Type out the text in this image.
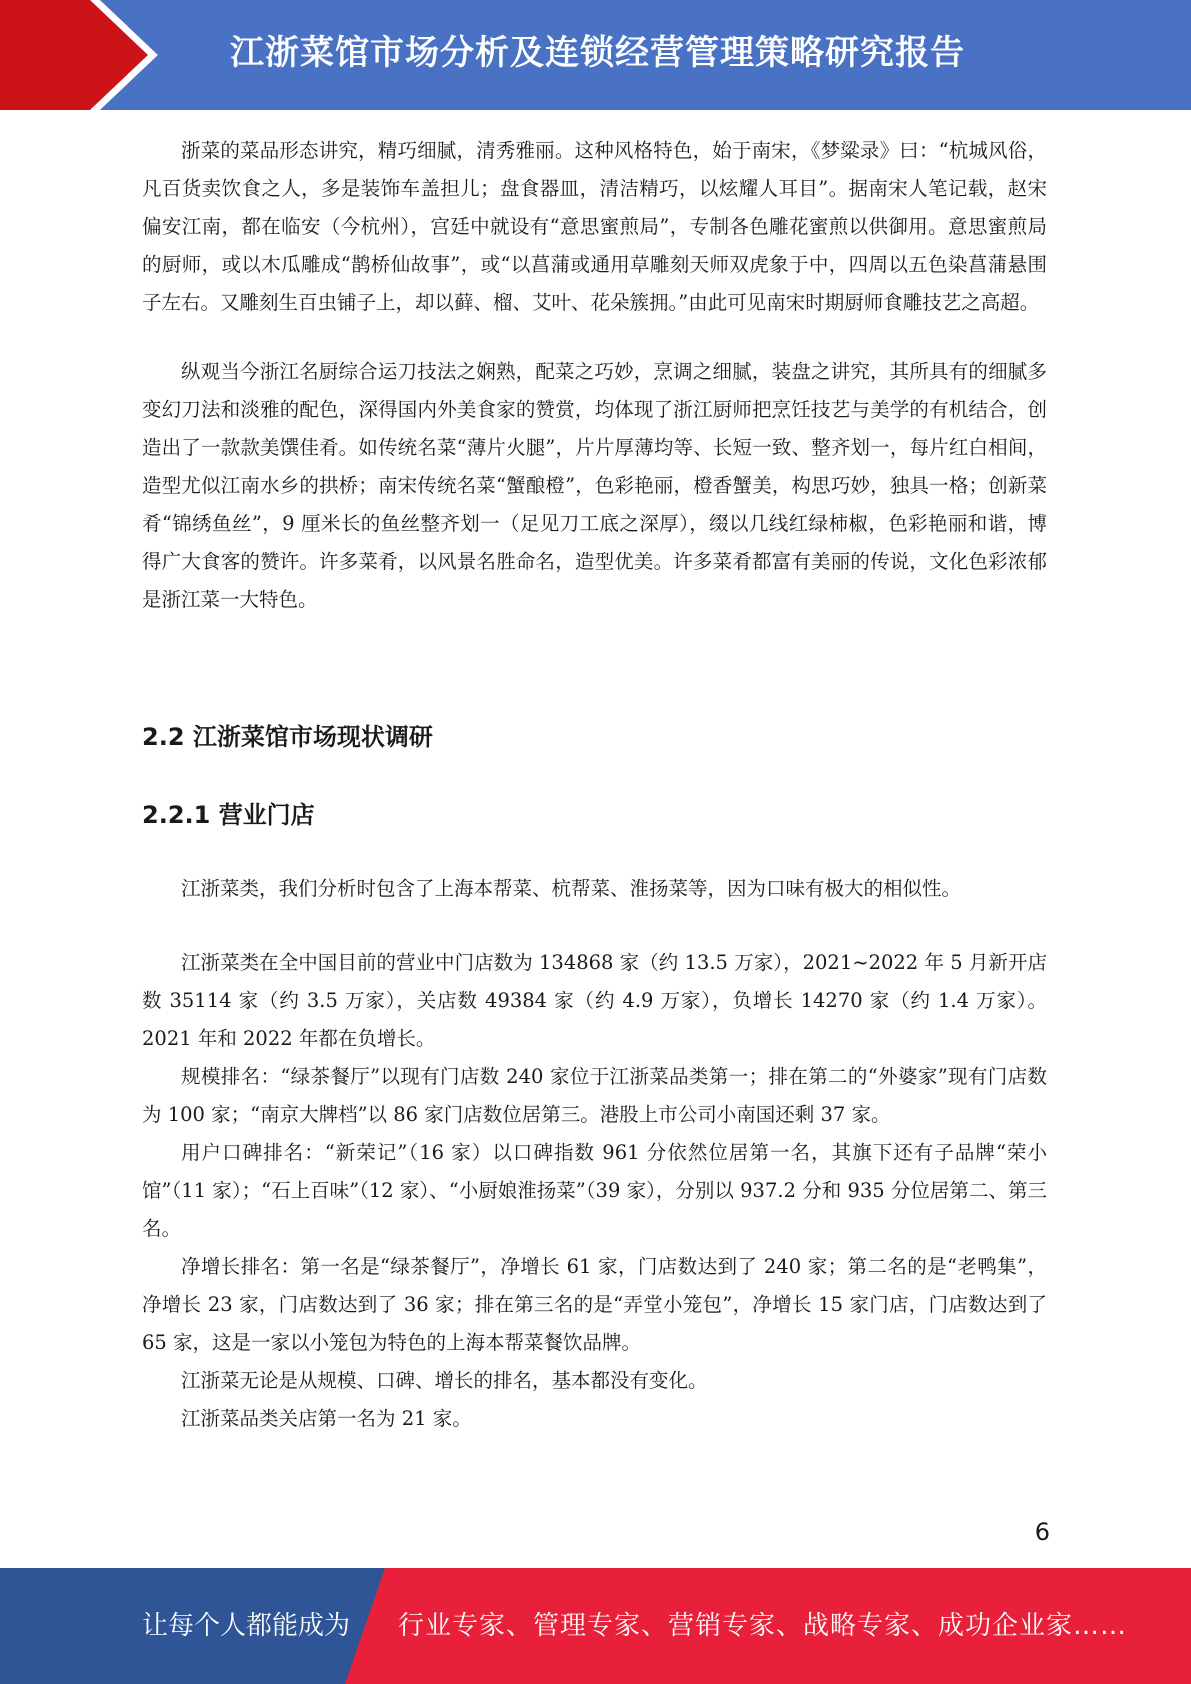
江浙菜馆市场分析及连锁经营管理策略研究报告

浙菜的菜品形态讲究，精巧细腻，清秀雅丽。这种风格特色，始于南宋，《梦粱录》曰：“杭城风俗，凡百货卖饮食之人，多是装饰车盖担儿；盘食器皿，清洁精巧，以炫耀人耳目”。据南宋人笔记载，赵宋偏安江南，都在临安（今杭州），宫廷中就设有“意思蜜煎局”，专制各色雕花蜜煎以供御用。意思蜜煎局的厨师，或以木瓜雕成“鹊桥仙故事”，或“以菖蒲或通用草雕刻天师双虎象于中，四周以五色染菖蒲悬围子左右。又雕刻生百虫铺子上，却以藓、榴、艾叶、花朵簇拥。”由此可见南宋时期厨师食雕技艺之高超。

纵观当今浙江名厨综合运刀技法之娴熟，配菜之巧妙，烹调之细腻，装盘之讲究，其所具有的细腻多变幻刀法和淡雅的配色，深得国内外美食家的赞赏，均体现了浙江厨师把烹饪技艺与美学的有机结合，创造出了一款款美馔佳肴。如传统名菜“薄片火腿”，片片厚薄均等、长短一致、整齐划一，每片红白相间，造型尤似江南水乡的拱桥；南宋传统名菜“蟹酿橙”，色彩艳丽，橙香蟹美，构思巧妙，独具一格；创新菜肴“锦绣鱼丝”，9 厘米长的鱼丝整齐划一（足见刀工底之深厚），缀以几线红绿柿椒，色彩艳丽和谐，博得广大食客的赞许。许多菜肴，以风景名胜命名，造型优美。许多菜肴都富有美丽的传说，文化色彩浓郁是浙江菜一大特色。

2.2 江浙菜馆市场现状调研
2.2.1 营业门店

江浙菜类，我们分析时包含了上海本帮菜、杭帮菜、淮扬菜等，因为口味有极大的相似性。

江浙菜类在全中国目前的营业中门店数为 134868 家（约 13.5 万家），2021~2022 年 5 月新开店数 35114 家（约 3.5 万家），关店数 49384 家（约 4.9 万家），负增长 14270 家（约 1.4 万家）。2021 年和 2022 年都在负增长。

规模排名：“绿茶餐厅”以现有门店数 240 家位于江浙菜品类第一；排在第二的“外婆家”现有门店数为 100 家；“南京大牌档”以 86 家门店数位居第三。港股上市公司小南国还剩 37 家。

用户口碑排名：“新荣记”（16 家）以口碑指数 961 分依然位居第一名，其旗下还有子品牌“荣小馆”（11 家）；“石上百味”（12 家）、“小厨娘淮扬菜”（39 家），分别以 937.2 分和 935 分位居第二、第三名。

净增长排名：第一名是“绿茶餐厅”，净增长 61 家，门店数达到了 240 家；第二名的是“老鸭集”，净增长 23 家，门店数达到了 36 家；排在第三名的是“弄堂小笼包”，净增长 15 家门店，门店数达到了 65 家，这是一家以小笼包为特色的上海本帮菜餐饮品牌。

江浙菜无论是从规模、口碑、增长的排名，基本都没有变化。

江浙菜品类关店第一名为 21 家。

6
让每个人都能成为 行业专家、管理专家、营销专家、战略专家、成功企业家……
